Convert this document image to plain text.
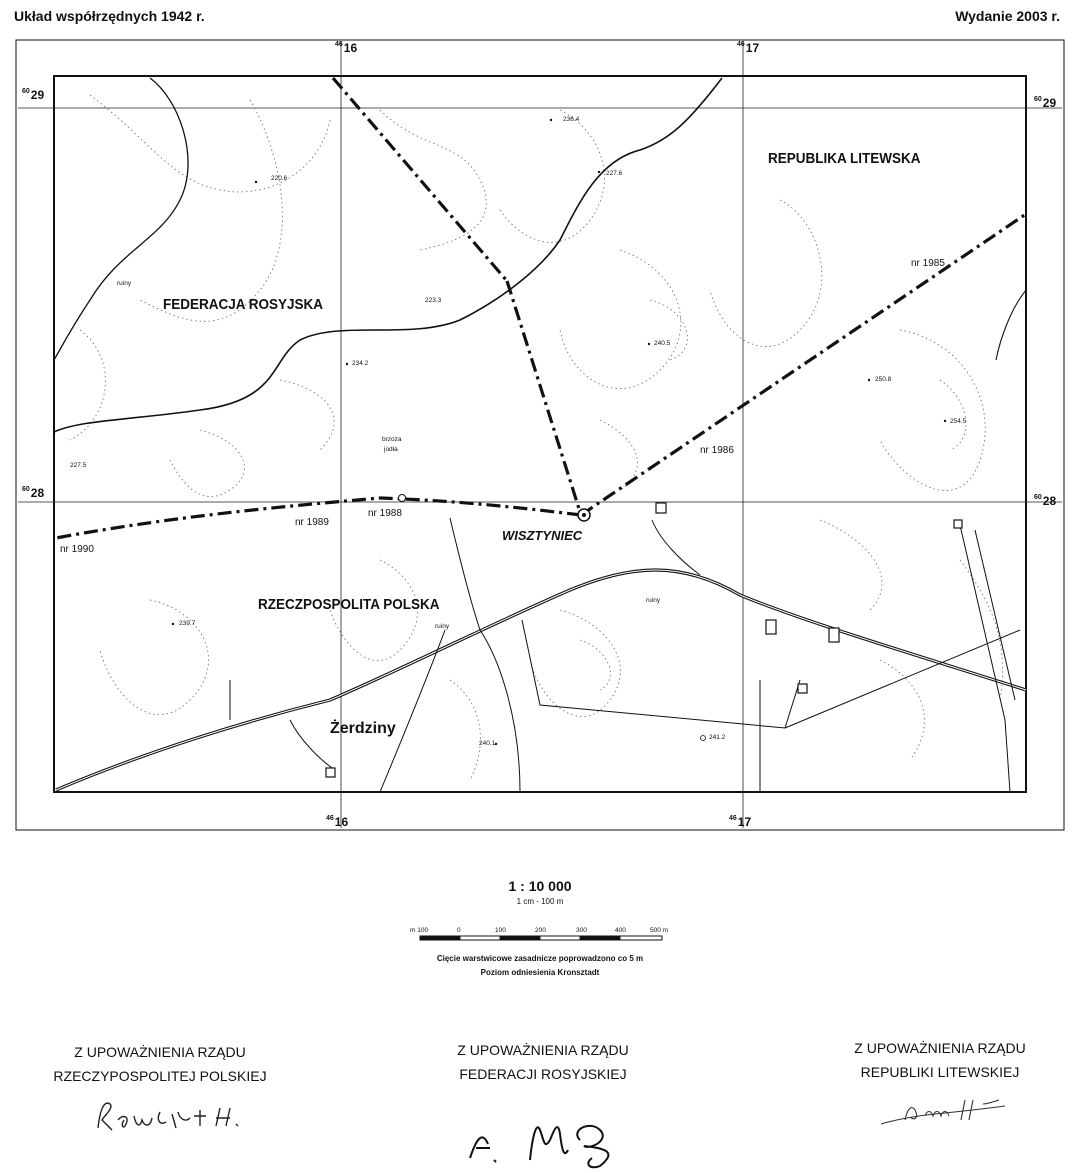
Układ współrzędnych 1942 r.	Wydanie 2003 r.
$^{46}$16	$^{46}$17
$^{46}$16	$^{46}$17
$^{60}$29	$^{60}$29
$^{60}$28	$^{60}$28
REPUBLIKA LITEWSKA
FEDERACJA ROSYJSKA
RZECZPOSPOLITA POLSKA
WISZTYNIEC
Żerdziny
nr 1985
nr 1986
nr 1988
nr 1989
nr 1990
236.4
227.6
220.6
223.3
234.2
240.5
250.8
254.5
227.5
239.7
240.1
241.2
ruiny
ruiny
ruiny
brzoza
jodła
1 : 10 000
1 cm - 100 m
m 100	0	100	200	300	400	500 m
Cięcie warstwicowe zasadnicze poprowadzono co 5 m
Poziom odniesienia Kronsztadt
Z UPOWAŻNIENIA RZĄDU
RZECZYPOSPOLITEJ POLSKIEJ
Z UPOWAŻNIENIA RZĄDU
FEDERACJI ROSYJSKIEJ
Z UPOWAŻNIENIA RZĄDU
REPUBLIKI LITEWSKIEJ
